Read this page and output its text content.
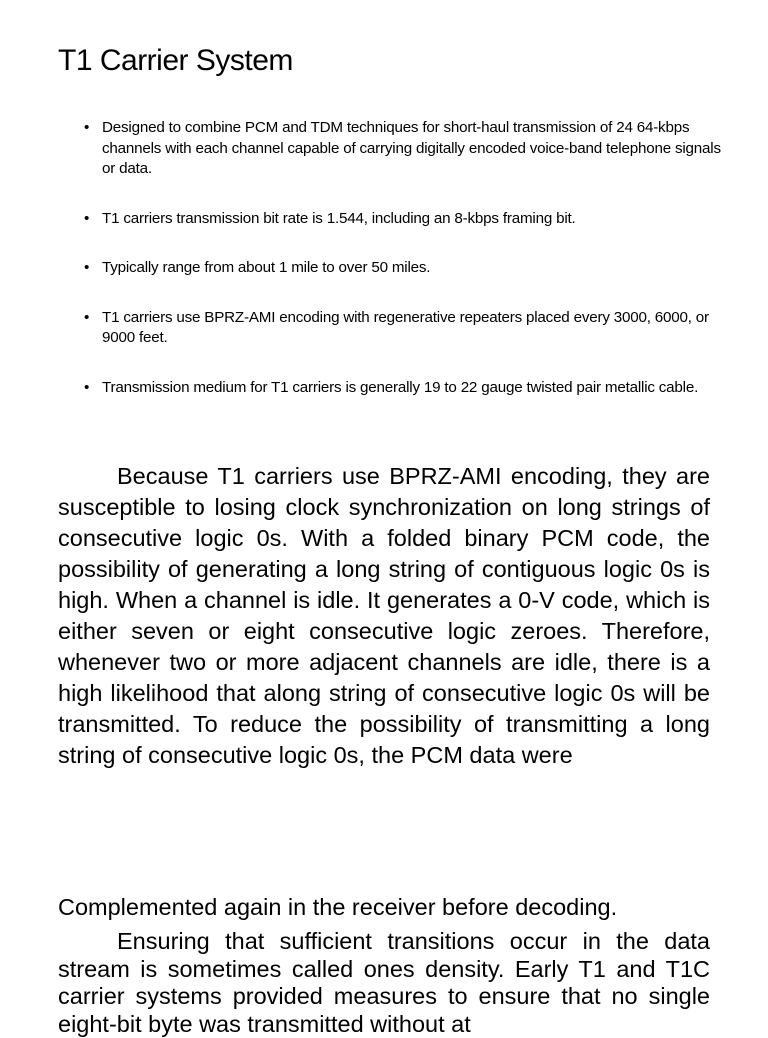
T1 Carrier System
• Designed to combine PCM and TDM techniques for short-haul transmission of 24 64-kbps channels with each channel capable of carrying digitally encoded voice-band telephone signals or data.
• T1 carriers transmission bit rate is 1.544, including an 8-kbps framing bit.
• Typically range from about 1 mile to over 50 miles.
• T1 carriers use BPRZ-AMI encoding with regenerative repeaters placed every 3000, 6000, or 9000 feet.
• Transmission medium for T1 carriers is generally 19 to 22 gauge twisted pair metallic cable.

Because T1 carriers use BPRZ-AMI encoding, they are susceptible to losing clock synchronization on long strings of consecutive logic 0s. With a folded binary PCM code, the possibility of generating a long string of contiguous logic 0s is high. When a channel is idle. It generates a 0-V code, which is either seven or eight consecutive logic zeroes. Therefore, whenever two or more adjacent channels are idle, there is a high likelihood that along string of consecutive logic 0s will be transmitted. To reduce the possibility of transmitting a long string of consecutive logic 0s, the PCM data were

Complemented again in the receiver before decoding.

Ensuring that sufficient transitions occur in the data stream is sometimes called ones density. Early T1 and T1C carrier systems provided measures to ensure that no single eight-bit byte was transmitted without at
